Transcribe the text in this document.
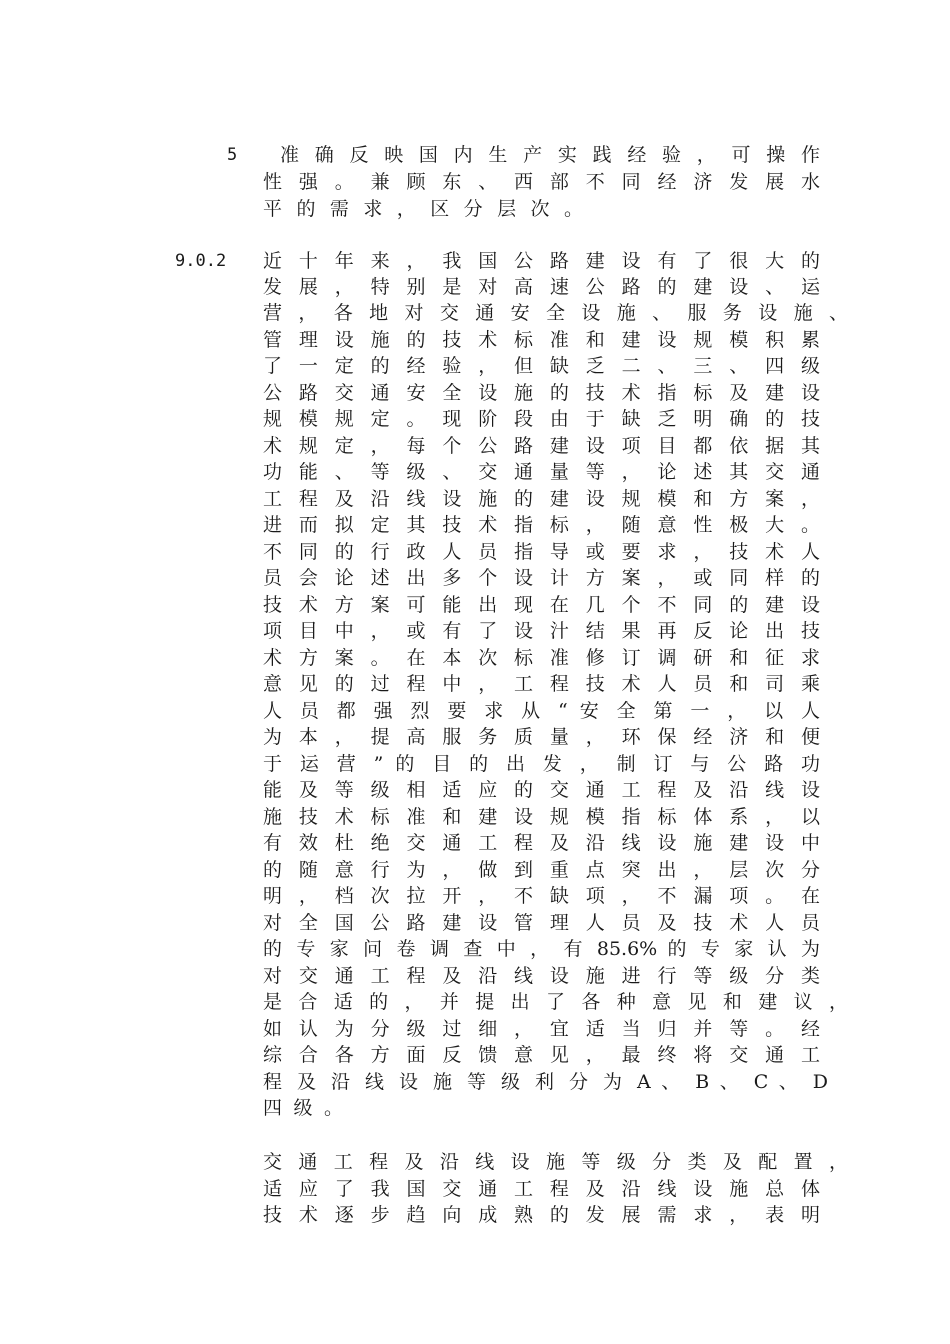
5 准 确 反 映 国 内 生 产 实 践 经 验 ， 可 操 作
性 强 。 兼 顾 东 、 西 部 不 同 经 济 发 展 水
平 的 需 求 ， 区 分 层 次 。
9.0.2 近 十 年 来 ， 我 国 公 路 建 设 有 了 很 大 的
发 展 ， 特 别 是 对 高 速 公 路 的 建 设 、 运
营 ， 各 地 对 交 通 安 全 设 施 、 服 务 设 施 、
管 理 设 施 的 技 术 标 准 和 建 设 规 模 积 累
了 一 定 的 经 验 ， 但 缺 乏 二 、 三 、 四 级
公 路 交 通 安 全 设 施 的 技 术 指 标 及 建 设
规 模 规 定 。 现 阶 段 由 于 缺 乏 明 确 的 技
术 规 定 ， 每 个 公 路 建 设 项 目 都 依 据 其
功 能 、 等 级 、 交 通 量 等 ， 论 述 其 交 通
工 程 及 沿 线 设 施 的 建 设 规 模 和 方 案 ，
进 而 拟 定 其 技 术 指 标 ， 随 意 性 极 大 。
不 同 的 行 政 人 员 指 导 或 要 求 ， 技 术 人
员 会 论 述 出 多 个 设 计 方 案 ， 或 同 样 的
技 术 方 案 可 能 出 现 在 几 个 不 同 的 建 设
项 目 中 ， 或 有 了 设 汁 结 果 再 反 论 出 技
术 方 案 。 在 本 次 标 准 修 订 调 研 和 征 求
意 见 的 过 程 中 ， 工 程 技 术 人 员 和 司 乘
人 员 都 强 烈 要 求 从 “ 安 全 第 一 ， 以 人
为 本 ， 提 高 服 务 质 量 ， 环 保 经 济 和 便
于 运 营 ” 的 目 的 出 发 ， 制 订 与 公 路 功
能 及 等 级 相 适 应 的 交 通 工 程 及 沿 线 设
施 技 术 标 准 和 建 设 规 模 指 标 体 系 ， 以
有 效 杜 绝 交 通 工 程 及 沿 线 设 施 建 设 中
的 随 意 行 为 ， 做 到 重 点 突 出 ， 层 次 分
明 ， 档 次 拉 开 ， 不 缺 项 ， 不 漏 项 。 在
对 全 国 公 路 建 设 管 理 人 员 及 技 术 人 员
的 专 家 问 卷 调 查 中 ， 有 85.6% 的 专 家 认 为
对 交 通 工 程 及 沿 线 设 施 进 行 等 级 分 类
是 合 适 的 ， 并 提 出 了 各 种 意 见 和 建 议 ，
如 认 为 分 级 过 细 ， 宜 适 当 归 并 等 。 经
综 合 各 方 面 反 馈 意 见 ， 最 终 将 交 通 工
程 及 沿 线 设 施 等 级 利 分 为 A 、 B 、 C 、 D
四 级 。
交 通 工 程 及 沿 线 设 施 等 级 分 类 及 配 置 ，
适 应 了 我 国 交 通 工 程 及 沿 线 设 施 总 体
技 术 逐 步 趋 向 成 熟 的 发 展 需 求 ， 表 明
